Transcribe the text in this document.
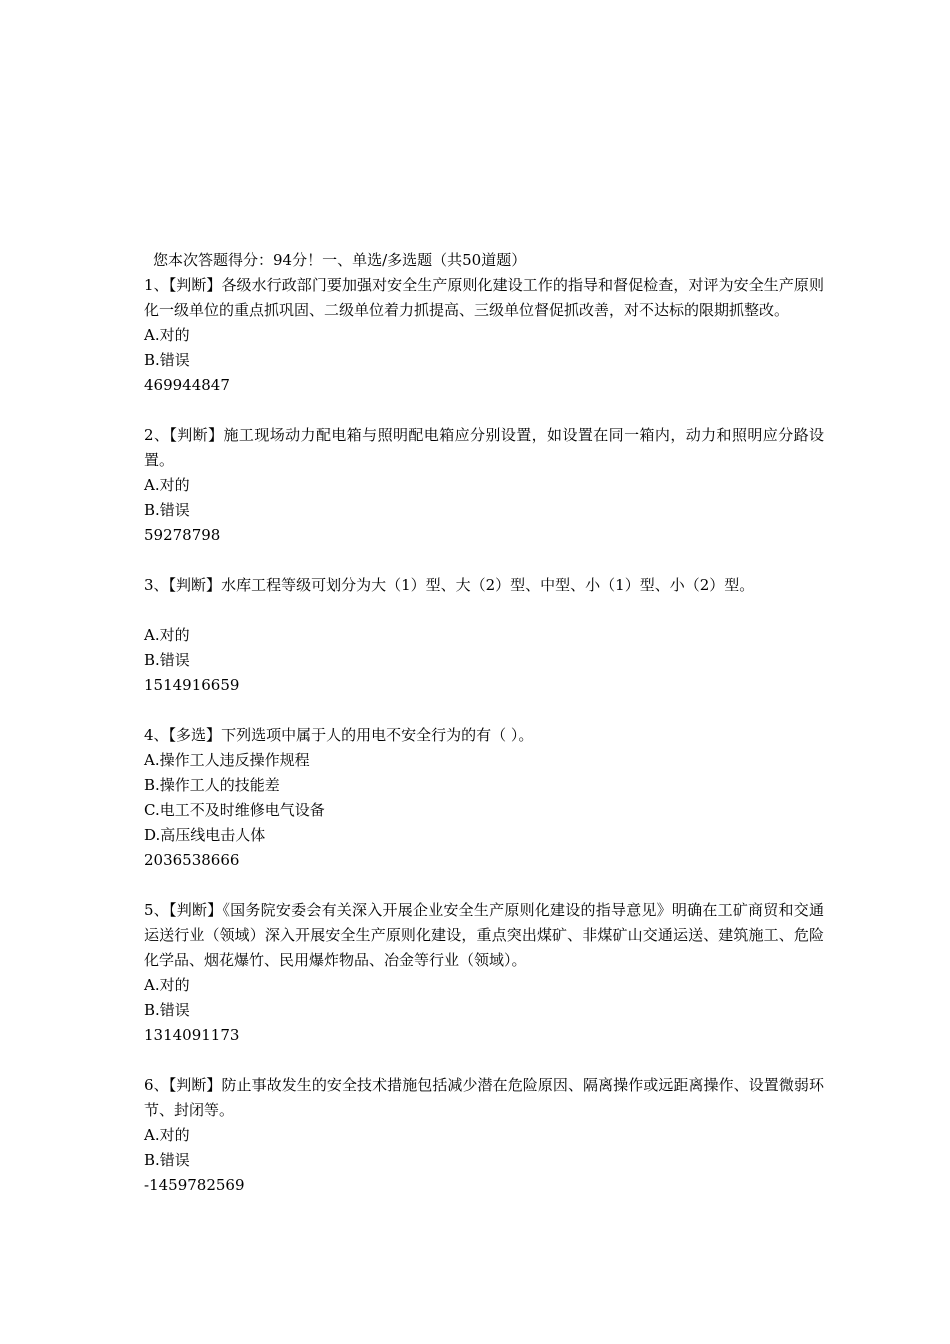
您本次答题得分：94分！一、单选/多选题（共50道题）
1、【判断】各级水行政部门要加强对安全生产原则化建设工作的指导和督促检查，对评为安全生产原则化一级单位的重点抓巩固、二级单位着力抓提高、三级单位督促抓改善，对不达标的限期抓整改。
A.对的
B.错误
469944847
2、【判断】施工现场动力配电箱与照明配电箱应分别设置，如设置在同一箱内，动力和照明应分路设置。
A.对的
B.错误
59278798
3、【判断】水库工程等级可划分为大（1）型、大（2）型、中型、小（1）型、小（2）型。
A.对的
B.错误
1514916659
4、【多选】下列选项中属于人的用电不安全行为的有（ ）。
A.操作工人违反操作规程
B.操作工人的技能差
C.电工不及时维修电气设备
D.高压线电击人体
2036538666
5、【判断】《国务院安委会有关深入开展企业安全生产原则化建设的指导意见》明确在工矿商贸和交通运送行业（领域）深入开展安全生产原则化建设，重点突出煤矿、非煤矿山交通运送、建筑施工、危险化学品、烟花爆竹、民用爆炸物品、冶金等行业（领域）。
A.对的
B.错误
1314091173
6、【判断】防止事故发生的安全技术措施包括减少潜在危险原因、隔离操作或远距离操作、设置微弱环节、封闭等。
A.对的
B.错误
-1459782569
